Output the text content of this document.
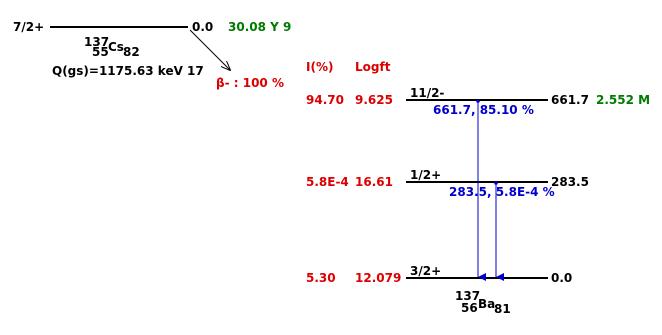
7/2+	0.0 30.08 Y 9
137
55 Cs 82
Q(gs)=1175.63 keV 17
β- : 100 %
I(%) Logft
94.70 9.625 11/2-	661.7 2.552 M
5.8E-4 16.61 1/2+	283.5
5.30 12.079 3/2+	0.0
661.7, 85.10 %
283.5, 5.8E-4 %
137
56 Ba
81
